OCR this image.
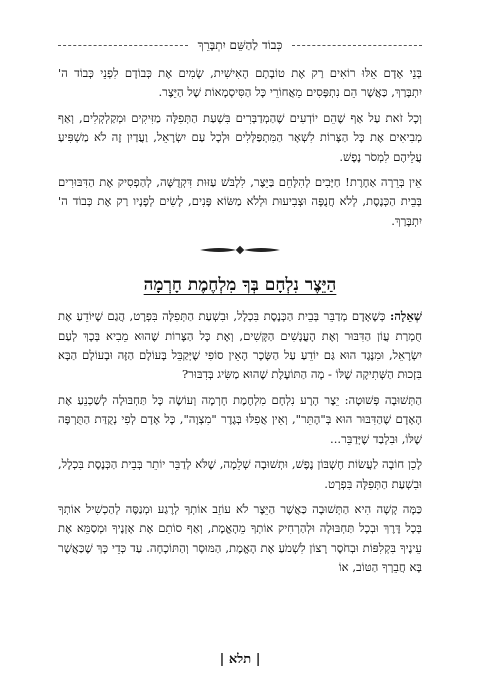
כְּבוֹד לַהַשֵּׁם יִתְבָּרֵךְ

בְּנֵי אָדָם אֵלּוּ רוֹאִים רַק אֶת טוֹבָתָם הָאִישִׁית, שָׂמִים אֶת כְּבוֹדָם לִפְנֵי כְּבוֹד ה' יִתְבָּרַךְ, כַּאֲשֶׁר הֵם נִתְפָּסִים מֵאֲחוֹרֵי כָּל הַסִּיסְמָאוֹת שֶׁל הַיֵּצֶר.

וְכָל זֹאת עַל אַף שֶׁהֵם יוֹדְעִים שֶׁהַמְדַבְּרִים בִּשְׁעַת הַתְּפִלָּה מַזִּיקִים וּמְקַלְקְלִים, וְאַף מְבִיאִים אֶת כָּל הַצָּרוֹת לִשְׁאָר הַמִּתְפַּלְּלִים וּלְכָל עַם יִשְׂרָאֵל, וַעֲדַיִן זֶה לֹא מַשְׁפִּיעַ עֲלֵיהֶם לִמְסֹר נֶפֶשׁ.

אֵין בְּרֵרָה אַחֶרֶת! חַיָּבִים לְהִלָּחֵם בַּיֵּצֶר, לִלְבֹּשׁ עַזּוּת דִּקְדֻשָּׁה, לְהַפְסִיק אֶת הַדִּבּוּרִים בְּבֵית הַכְּנֶסֶת, לְלֹא חֲנֻפָּה וּצְבִיעוּת וּלְלֹא מַשּׂוֹא פָּנִים, לָשִׂים לְפָנָיו רַק אֶת כְּבוֹד ה' יִתְבָּרַךְ.

הַיֵּצֶר נִלְחָם בְּךָ מִלְחֶמֶת חָרְמָה

שְׁאֵלָה: כְּשֶׁאָדָם מְדַבֵּר בְּבֵית הַכְּנֶסֶת בִּכְלָל, וּבִשְׁעַת הַתְּפִלָּה בִּפְרָט, הֲגַם שֶׁיּוֹדֵעַ אֶת חֻמְרַת עֲוֹן הַדִּבּוּר וְאֶת הָעֳנָשִׁים הַקָּשִׁים, וְאֶת כָּל הַצָּרוֹת שֶׁהוּא מֵבִיא בְּכָךְ לְעַם יִשְׂרָאֵל, וּמִנֶּגֶד הוּא גַּם יוֹדֵעַ עַל הַשָּׂכָר הָאֵין סוֹפִי שֶׁיְּקַבֵּל בָּעוֹלָם הַזֶּה וּבָעוֹלָם הַבָּא בִּזְכוּת הַשְּׁתִיקָה שֶׁלּוֹ - מָה הַתּוֹעֶלֶת שֶׁהוּא מַשִּׂיג בְּדִבּוּר?

הַתְּשׁוּבָה פְּשׁוּטָה: יֵצֶר הָרָע נִלְחָם מִלְחֶמֶת חָרְמָה וְעוֹשֶׂה כָּל תַּחְבּוּלָה לְשַׁכְנֵעַ אֶת הָאָדָם שֶׁהַדִּבּוּר הוּא בְּ"הֶתֵּר", וְאֵין אֲפִלּוּ בְּגֶדֶר "מִצְוָה", כָּל אָדָם לְפִי נְקֻדַּת הַתֻּרְפָּה שֶׁלּוֹ, וּבִלְבַד שֶׁיְּדַבֵּר...

לָכֵן חוֹבָה לַעֲשׂוֹת חֶשְׁבּוֹן נֶפֶשׁ, וּתְשׁוּבָה שְׁלֵמָה, שֶׁלֹּא לְדַבֵּר יוֹתֵר בְּבֵית הַכְּנֶסֶת בִּכְלָל, וּבִשְׁעַת הַתְּפִלָּה בִּפְרָט.

כַּמָּה קָשָׁה הִיא הַתְּשׁוּבָה כַּאֲשֶׁר הַיֵּצֶר לֹא עוֹזֵב אוֹתְךָ לְרֶגַע וּמְנַסֶּה לְהַכְשִׁיל אוֹתְךָ בְּכָל דֶּרֶךְ וּבְכָל תַּחְבּוּלָה וּלְהַרְחִיק אוֹתְךָ מֵהָאֱמֶת, וְאַף סוֹתֵם אֶת אָזְנֶיךָ וּמְסַמֵּא אֶת עֵינֶיךָ בִּקְלִפּוֹת וּבְחֹסֶר רָצוֹן לִשְׁמֹעַ אֶת הָאֱמֶת, הַמּוּסָר וְהַתּוֹכָחָה. עַד כְּדֵי כָּךְ שֶׁכַּאֲשֶׁר בָּא חֲבֵרְךָ הַטּוֹב, אוֹ

| תלא |
